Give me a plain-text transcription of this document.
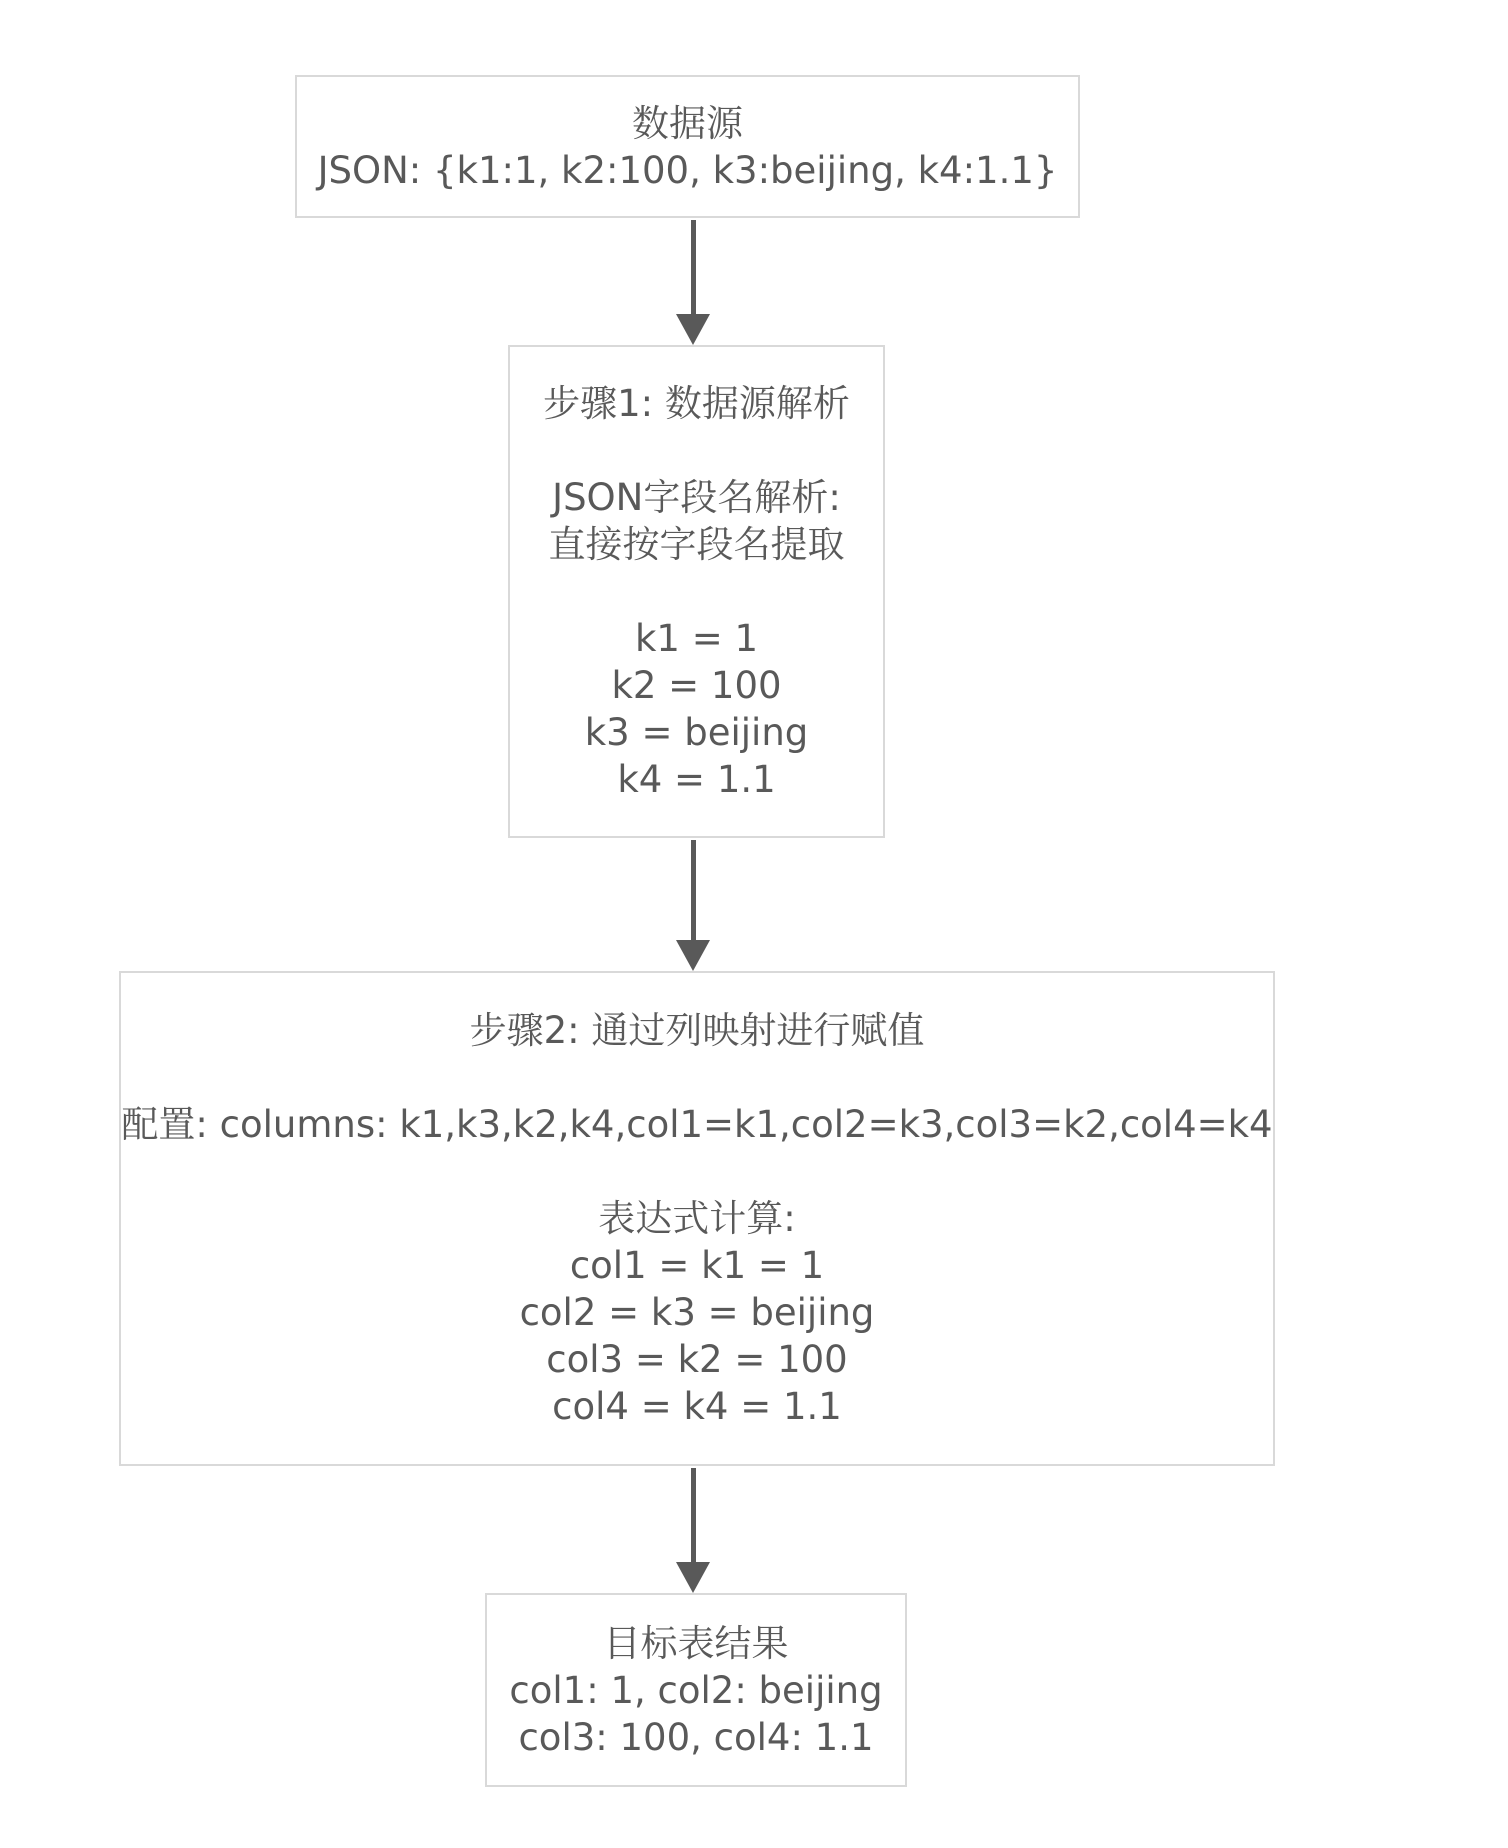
数据源
JSON: {k1:1, k2:100, k3:beijing, k4:1.1}
步骤1: 数据源解析
JSON字段名解析:
直接按字段名提取
k1 = 1
k2 = 100
k3 = beijing
k4 = 1.1
步骤2: 通过列映射进行赋值
配置: columns: k1,k3,k2,k4,col1=k1,col2=k3,col3=k2,col4=k4
表达式计算:
col1 = k1 = 1
col2 = k3 = beijing
col3 = k2 = 100
col4 = k4 = 1.1
目标表结果
col1: 1, col2: beijing
col3: 100, col4: 1.1
